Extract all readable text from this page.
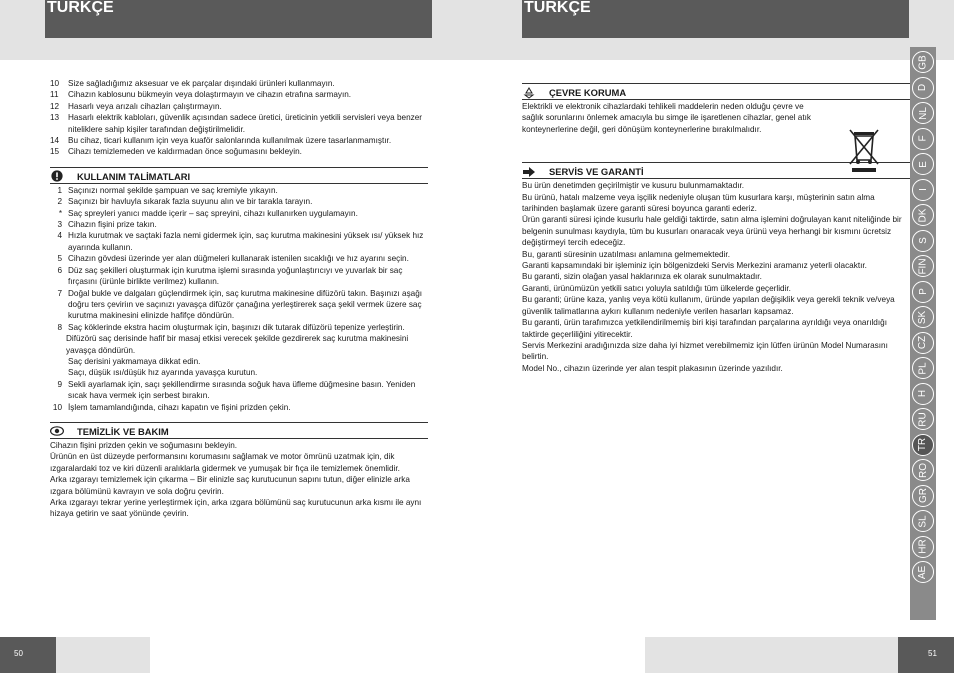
TÜRKÇE	TÜRKÇE
10	Size sağladığımız aksesuar ve ek parçalar dışındaki ürünleri kullanmayın.
11	Cihazın kablosunu bükmeyin veya dolaştırmayın ve cihazın etrafına sarmayın.
12	Hasarlı veya arızalı cihazları çalıştırmayın.
13	Hasarlı elektrik kabloları, güvenlik açısından sadece üretici, üreticinin yetkili servisleri veya benzer niteliklere sahip kişiler tarafından değiştirilmelidir.
14	Bu cihaz, ticari kullanım için veya kuaför salonlarında kullanılmak üzere tasarlanmamıştır.
15	Cihazı temizlemeden ve kaldırmadan önce soğumasını bekleyin.
KULLANIM TALİMATLARI
1 Saçınızı normal şekilde şampuan ve saç kremiyle yıkayın.
2 Saçınızı bir havluyla sıkarak fazla suyunu alın ve bir tarakla tarayın.
* Saç spreyleri yanıcı madde içerir – saç spreyini, cihazı kullanırken uygulamayın.
3 Cihazın fişini prize takın.
4 Hızla kurutmak ve saçtaki fazla nemi gidermek için, saç kurutma makinesini yüksek ısı/ yüksek hız ayarında kullanın.
5 Cihazın gövdesi üzerinde yer alan düğmeleri kullanarak istenilen sıcaklığı ve hız ayarını seçin.
6 Düz saç şekilleri oluşturmak için kurutma işlemi sırasında yoğunlaştırıcıyı ve yuvarlak bir saç fırçasını (ürünle birlikte verilmez) kullanın.
7 Doğal bukle ve dalgaları güçlendirmek için, saç kurutma makinesine difüzörü takın. Başınızı aşağı doğru ters çeviriın ve saçınızı yavaşça difüzör çanağına yerleştirerek saça şekil vermek üzere saç kurutma makinesini elinizde hafifçe döndürün.
8 Saç köklerinde ekstra hacim oluşturmak için, başınızı dik tutarak difüzörü tepenize yerleştirin.
Difüzörü saç derisinde hafif bir masaj etkisi verecek şekilde gezdirerek saç kurutma makinesini yavaşça döndürün.
Saç derisini yakmamaya dikkat edin.
Saçı, düşük ısı/düşük hız ayarında yavaşça kurutun.
9 Sekli ayarlamak için, saçı şekillendirme sırasında soğuk hava üfleme düğmesine basın. Yeniden sıcak hava vermek için serbest bırakın.
10 İşlem tamamlandığında, cihazı kapatın ve fişini prizden çekin.
TEMİZLİK VE BAKIM
Cihazın fişini prizden çekin ve soğumasını bekleyin.
Ürünün en üst düzeyde performansını korumasını sağlamak ve motor ömrünü uzatmak için, dik ızgaralardaki toz ve kiri düzenli aralıklarla gidermek ve yumuşak bir fıça ile temizlemek önemlidir.
Arka ızgarayı temizlemek için çıkarma – Bir elinizle saç kurutucunun sapını tutun, diğer elinizle arka ızgara bölümünü kavrayın ve sola doğru çevirin.
Arka ızgarayı tekrar yerine yerleştirmek için, arka ızgara bölümünü saç kurutucunun arka kısmı ile aynı hizaya getirin ve saat yönünde çevirin.
ÇEVRE KORUMA
Elektrikli ve elektronik cihazlardaki tehlikeli maddelerin neden olduğu çevre ve sağlık sorunlarını önlemek amacıyla bu simge ile işaretlenen cihazlar, genel atık konteynerlerine değil, geri dönüşüm konteynerlerine bırakılmalıdır.
SERVİS VE GARANTİ
Bu ürün denetimden geçirilmiştir ve kusuru bulunmamaktadır.
Bu ürünü, hatalı malzeme veya işçilik nedeniyle oluşan tüm kusurlara karşı, müşterinin satın alma tarihinden başlamak üzere garanti süresi boyunca garanti ederiz.
Ürün garanti süresi içinde kusurlu hale geldiği taktirde, satın alma işlemini doğrulayan kanıt niteliğinde bir belgenin sunulması kaydıyla, tüm bu kusurları onaracak veya ürünü veya herhangi bir kısmını ücretsiz değiştirmeyi tercih edeceğiz.
Bu, garanti süresinin uzatılması anlamına gelmemektedir.
Garanti kapsamındaki bir işleminiz için bölgenizdeki Servis Merkezini aramanız yeterli olacaktır.
Bu garanti, sizin olağan yasal haklarınıza ek olarak sunulmaktadır.
Garanti, ürünümüzün yetkili satıcı yoluyla satıldığı tüm ülkelerde geçerlidir.
Bu garanti; ürüne kaza, yanlış veya kötü kullanım, üründe yapılan değişiklik veya gerekli teknik ve/veya güvenlik talimatlarına aykırı kullanım nedeniyle verilen hasarları kapsamaz.
Bu garanti, ürün tarafımızca yetkilendirilmemiş biri kişi tarafından parçalarına ayrıldığı veya onarıldığı taktirde geçerliliğini yitirecektir.
Servis Merkezini aradığınızda size daha iyi hizmet verebilmemiz için lütfen ürünün Model Numarasını belirtin.
Model No., cihazın üzerinde yer alan tespit plakasının üzerinde yazılıdır.
GB
D
NL
F
E
I
DK
S
FIN
P
SK
CZ
PL
H
RU
TR
RO
GR
SL
HR
AE
50	51
